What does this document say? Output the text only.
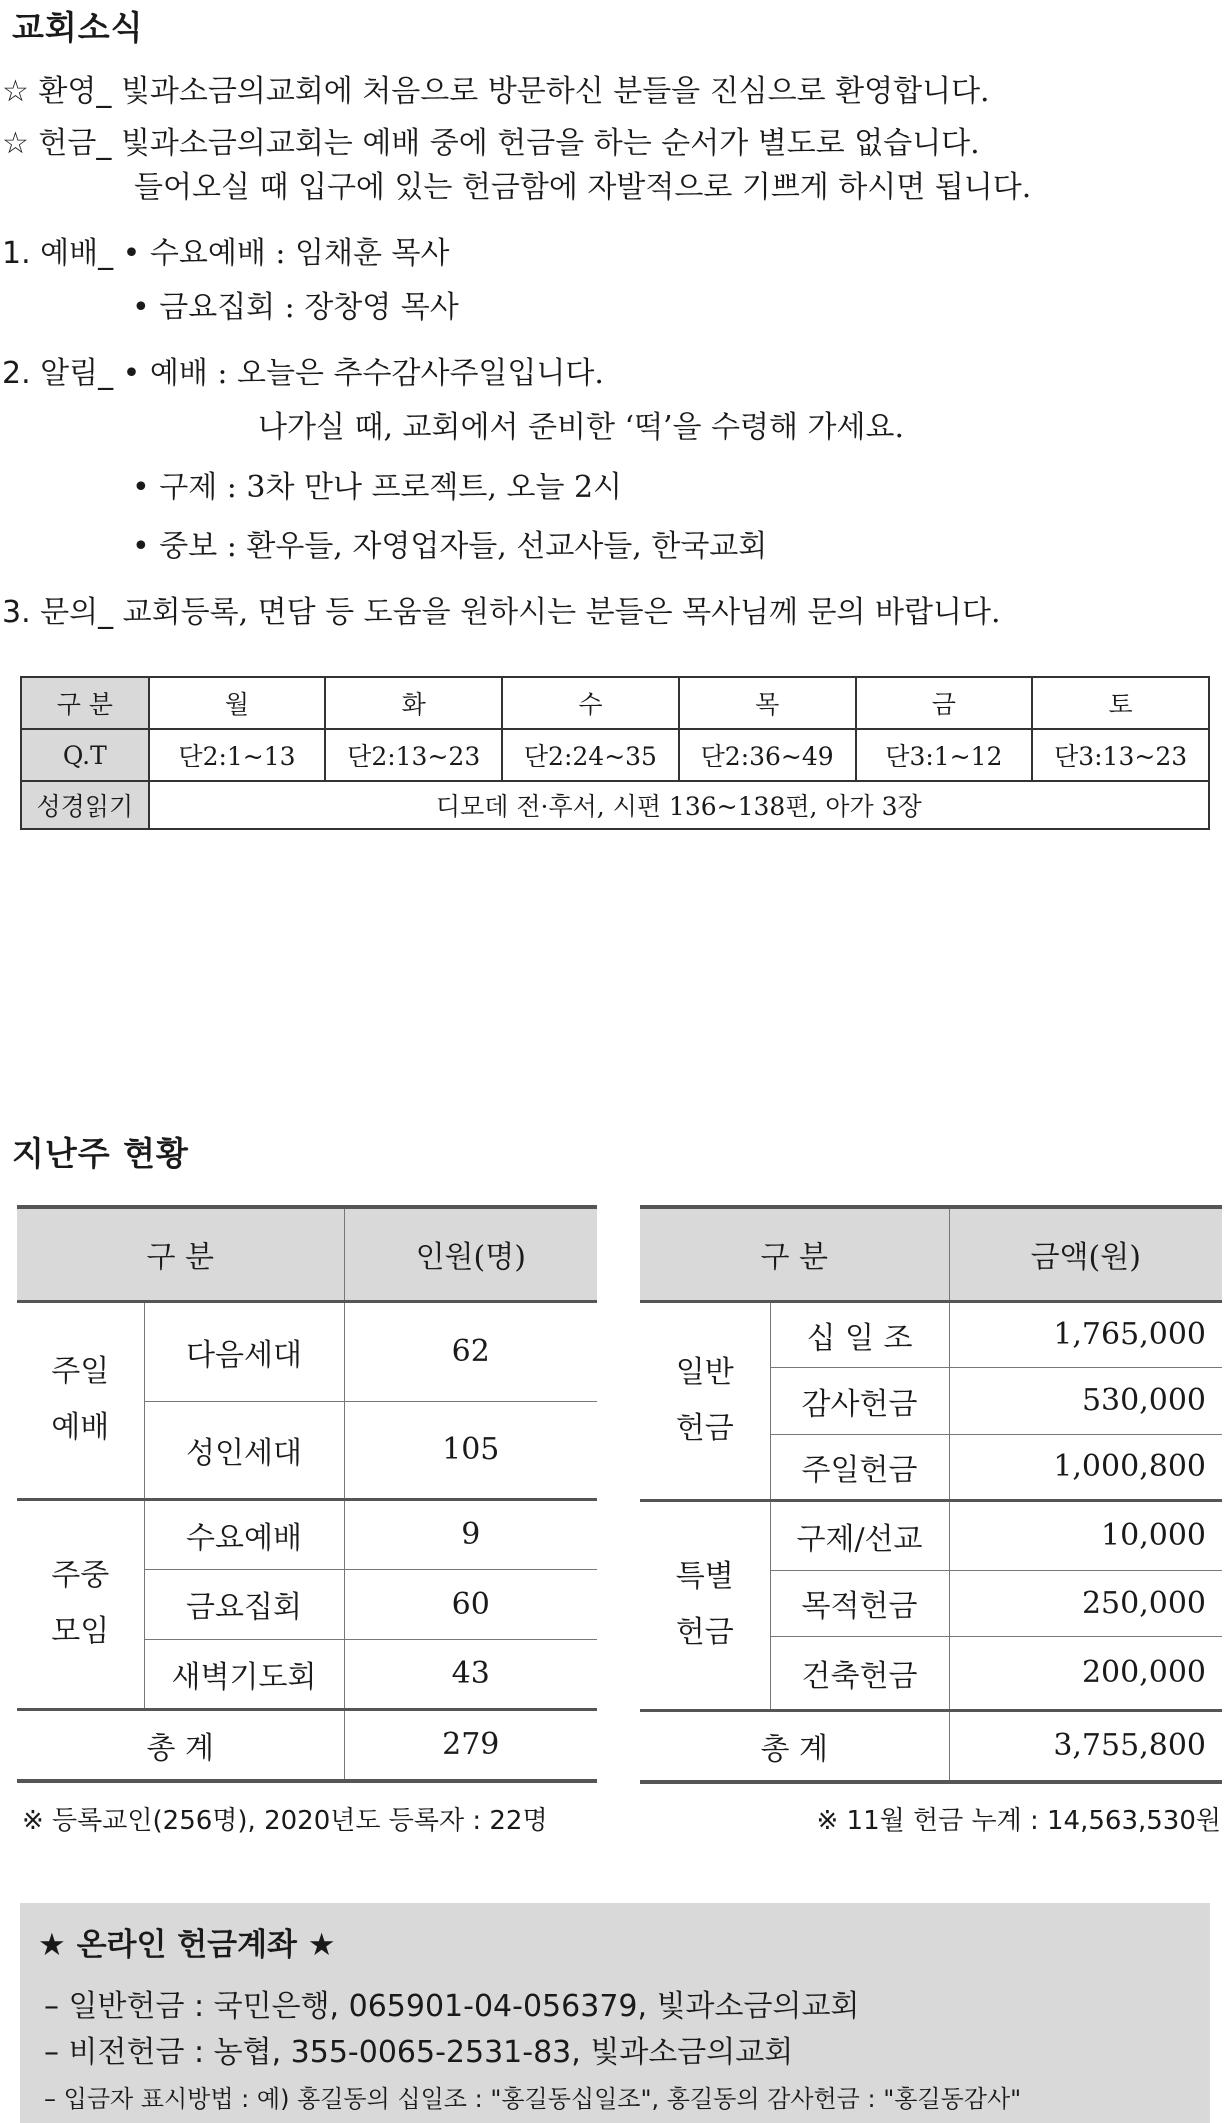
교회소식
☆ 환영_ 빛과소금의교회에 처음으로 방문하신 분들을 진심으로 환영합니다.
☆ 헌금_ 빛과소금의교회는 예배 중에 헌금을 하는 순서가 별도로 없습니다.
들어오실 때 입구에 있는 헌금함에 자발적으로 기쁘게 하시면 됩니다.
1. 예배_ • 수요예배 : 임채훈 목사
• 금요집회 : 장창영 목사
2. 알림_ • 예배 : 오늘은 추수감사주일입니다.
나가실 때, 교회에서 준비한 ‘떡’을 수령해 가세요.
• 구제 : 3차 만나 프로젝트, 오늘 2시
• 중보 : 환우들, 자영업자들, 선교사들, 한국교회
3. 문의_ 교회등록, 면담 등 도움을 원하시는 분들은 목사님께 문의 바랍니다.
구 분	월	화	수	목	금	토
Q.T	단2:1~13	단2:13~23	단2:24~35	단2:36~49	단3:1~12	단3:13~23
성경읽기	디모데 전·후서, 시편 136~138편, 아가 3장					
지난주 현황
구 분		인원(명)
주일
예배	다음세대	62
	성인세대	105
주중
모임	수요예배	9
	금요집회	60
	새벽기도회	43
총 계		279
구 분		금액(원)
일반
헌금	십 일 조	1,765,000
	감사헌금	530,000
	주일헌금	1,000,800
특별
헌금	구제/선교	10,000
	목적헌금	250,000
	건축헌금	200,000
총 계		3,755,800
※ 등록교인(256명), 2020년도 등록자 : 22명	※ 11월 헌금 누계 : 14,563,530원
★ 온라인 헌금계좌 ★
– 일반헌금 : 국민은행, 065901-04-056379, 빛과소금의교회
– 비전헌금 : 농협, 355-0065-2531-83, 빛과소금의교회
– 입금자 표시방법 : 예) 홍길동의 십일조 : "홍길동십일조", 홍길동의 감사헌금 : "홍길동감사"
